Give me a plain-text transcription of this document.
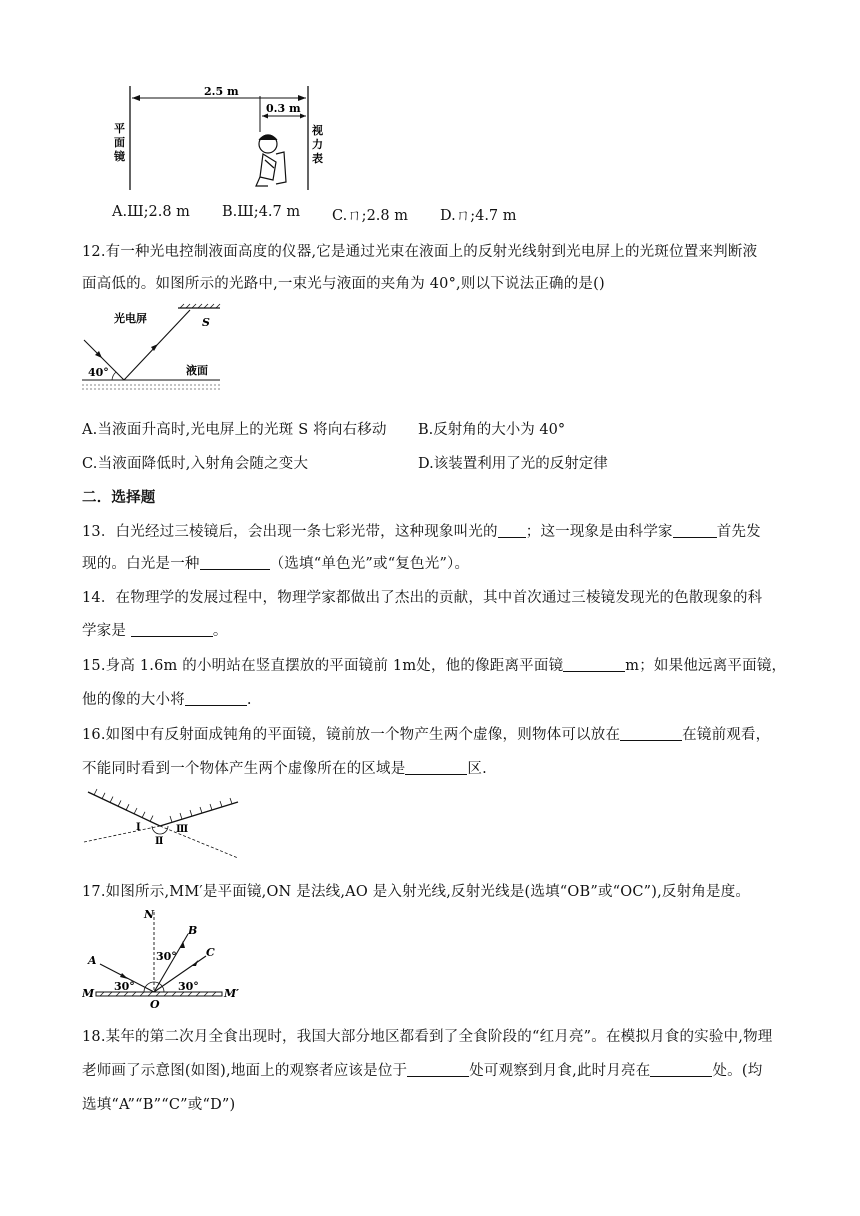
2.5 m
0.3 m
平 面 镜
视 力 表
A.Ш;2.8 m B.Ш;4.7 m C.ㄇ;2.8 m D.ㄇ;4.7 m
12.有一种光电控制液面高度的仪器,它是通过光束在液面上的反射光线射到光电屏上的光斑位置来判断液
面高低的。如图所示的光路中,一束光与液面的夹角为 40°,则以下说法正确的是()
光电屏	S
40°	液面
A.当液面升高时,光电屏上的光斑 S 将向右移动 B.反射角的大小为 40°
C.当液面降低时,入射角会随之变大	D.该装置利用了光的反射定律
二．选择题
13．白光经过三棱镜后，会出现一条七彩光带，这种现象叫光的 ；这一现象是由科学家	首先发
现的。白光是一种	（选填“单色光”或“复色光”）。
14．在物理学的发展过程中，物理学家都做出了杰出的贡献，其中首次通过三棱镜发现光的色散现象的科
学家是	。
15.身高 1.6m 的小明站在竖直摆放的平面镜前 1m处，他的像距离平面镜	m；如果他远离平面镜，
他的像的大小将	.
16.如图中有反射面成钝角的平面镜，镜前放一个物产生两个虚像，则物体可以放在	在镜前观看，
不能同时看到一个物体产生两个虚像所在的区域是	区.
Ⅰ
Ⅱ
Ⅲ
17.如图所示,MM′是平面镜,ON 是法线,AO 是入射光线,反射光线是(选填“OB”或“OC”),反射角是度。
N
B
C
A	30°
30°	30°
M
O
M′
18.某年的第二次月全食出现时，我国大部分地区都看到了全食阶段的“红月亮”。在模拟月食的实验中,物理
老师画了示意图(如图),地面上的观察者应该是位于	处可观察到月食,此时月亮在	处。(均
选填“A”“B”“C”或“D”)
